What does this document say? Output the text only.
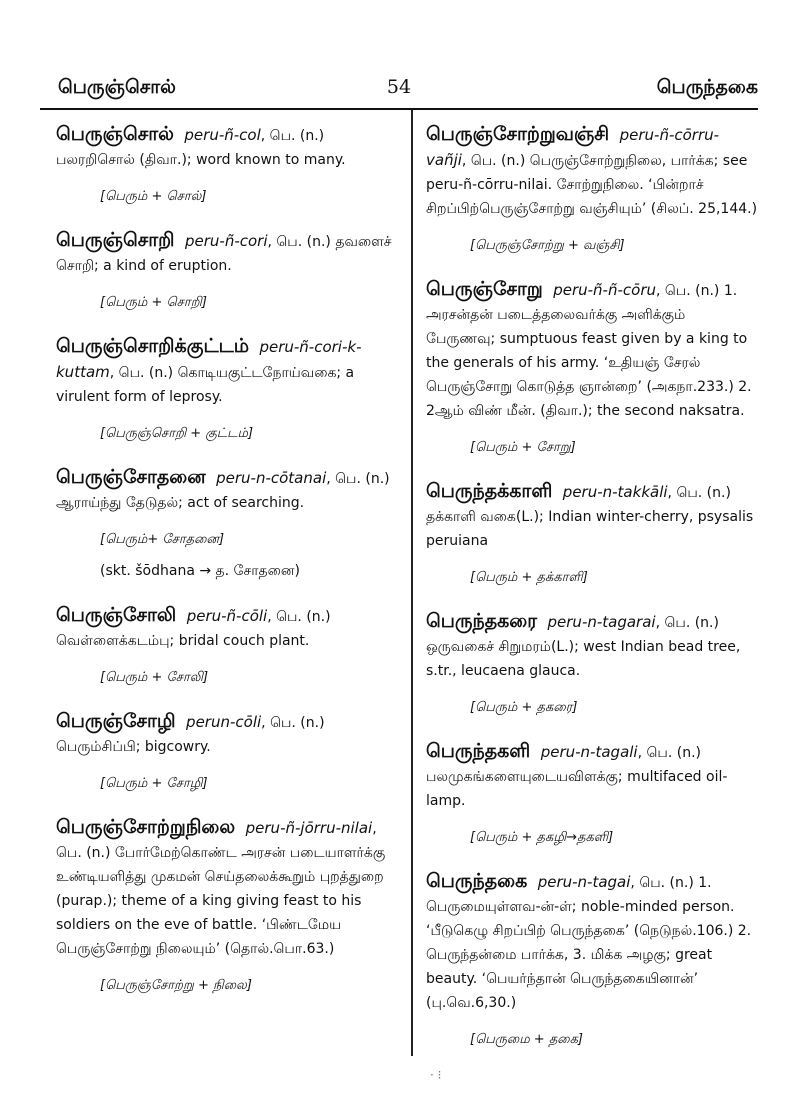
பெருஞ்சொல்	54	பெருந்தகை
பெருஞ்சொல் peru-ñ-col, பெ. (n.) பலரறிசொல் (திவா.); word known to many.
[பெரும் + சொல்]
பெருஞ்சொறி peru-ñ-cori, பெ. (n.) தவளைச் சொறி; a kind of eruption.
[பெரும் + சொறி]
பெருஞ்சொறிக்குட்டம் peru-ñ-cori-k-kuttam, பெ. (n.) கொடியகுட்டநோய்வகை; a virulent form of leprosy.
[பெருஞ்சொறி + குட்டம்]
பெருஞ்சோதனை peru-n-cōtanai, பெ. (n.) ஆராய்ந்து தேடுதல்; act of searching.
[பெரும்+ சோதனை]
(skt. šōdhana → த. சோதனை)
பெருஞ்சோலி peru-ñ-cōli, பெ. (n.) வெள்ளைக்கடம்பு; bridal couch plant.
[பெரும் + சோலி]
பெருஞ்சோழி perun-cōli, பெ. (n.) பெரும்சிப்பி; bigcowry.
[பெரும் + சோழி]
பெருஞ்சோற்றுநிலை peru-ñ-jōrru-nilai, பெ. (n.) போர்மேற்கொண்ட அரசன் படையாளர்க்கு உண்டியளித்து முகமன் செய்தலைக்கூறும் புறத்துறை (purap.); theme of a king giving feast to his soldiers on the eve of battle. ‘பிண்டமேய பெருஞ்சோற்று நிலையும்’ (தொல்.பொ.63.)
[பெருஞ்சோற்று + நிலை]
பெருஞ்சோற்றுவஞ்சி peru-ñ-cōrru-vañji, பெ. (n.) பெருஞ்சோற்றுநிலை, பார்க்க; see peru-ñ-cōrru-nilai. சோற்றுநிலை. ‘பின்றாச் சிறப்பிற்பெருஞ்சோற்று வஞ்சியும்’ (சிலப். 25,144.)
[பெருஞ்சோற்று + வஞ்சி]
பெருஞ்சோறு peru-ñ-ñ-cōru, பெ. (n.) 1. அரசன்தன் படைத்தலைவர்க்கு அளிக்கும் பேருணவு; sumptuous feast given by a king to the generals of his army. ‘உதியஞ் சேரல் பெருஞ்சோறு கொடுத்த ஞான்றை’ (அகநா.233.) 2. 2ஆம் விண் மீன். (திவா.); the second naksatra.
[பெரும் + சோறு]
பெருந்தக்காளி peru-n-takkāli, பெ. (n.) தக்காளி வகை(L.); Indian winter-cherry, psysalis peruiana
[பெரும் + தக்காளி]
பெருந்தகரை peru-n-tagarai, பெ. (n.) ஒருவகைச் சிறுமரம்(L.); west Indian bead tree, s.tr., leucaena glauca.
[பெரும் + தகரை]
பெருந்தகளி peru-n-tagali, பெ. (n.) பலமுகங்களையுடையவிளக்கு; multifaced oil-lamp.
[பெரும் + தகழி→தகளி]
பெருந்தகை peru-n-tagai, பெ. (n.) 1. பெருமையுள்ளவ-ன்-ள்; noble-minded person. ‘பீடுகெழு சிறப்பிற் பெருந்தகை’ (நெடுநல்.106.) 2. பெருந்தன்மை பார்க்க, 3. மிக்க அழகு; great beauty. ‘பெயர்ந்தான் பெருந்தகையினான்’ (பு.வெ.6,30.)
[பெருமை + தகை]
· ⁝
